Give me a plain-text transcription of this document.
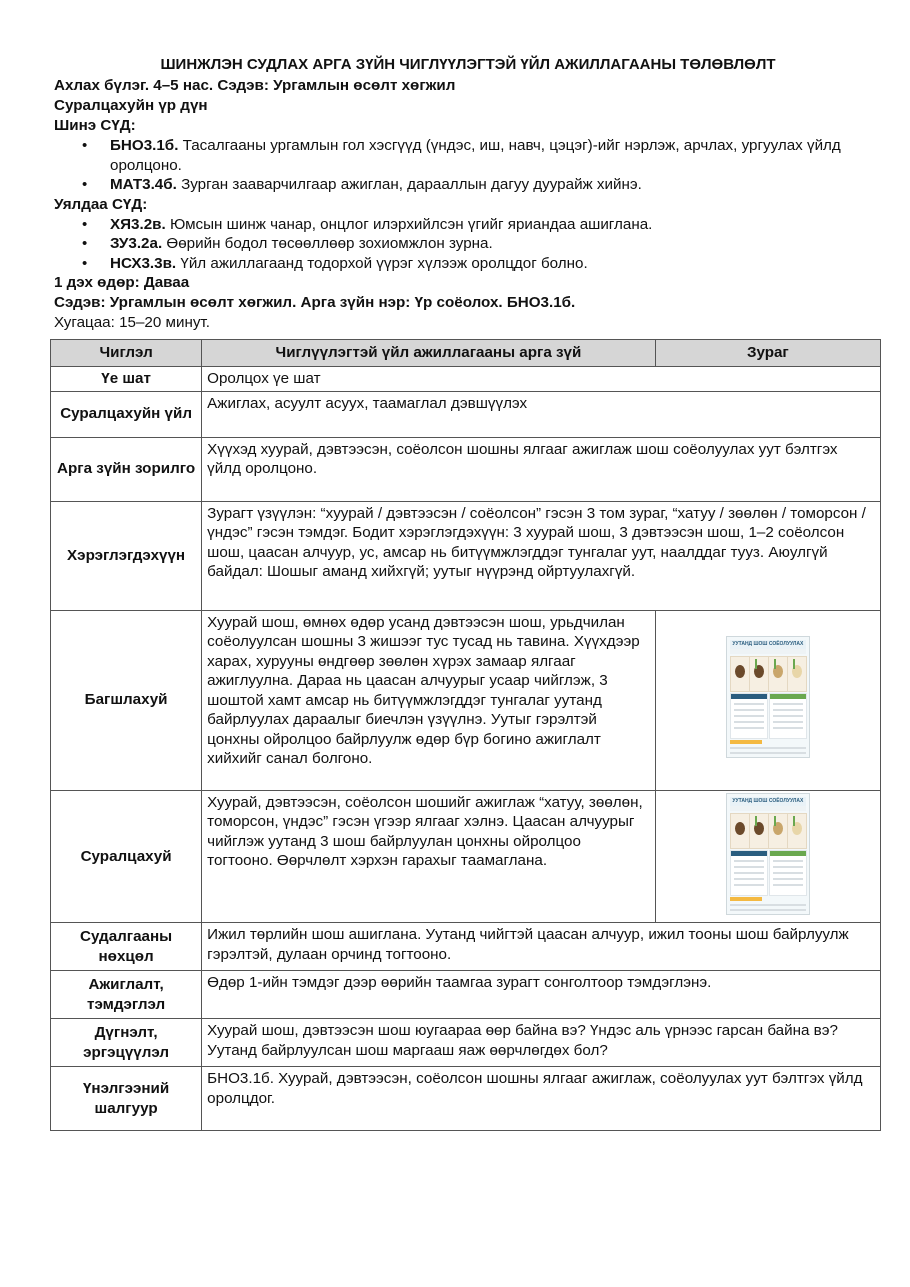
ШИНЖЛЭН СУДЛАХ АРГА ЗҮЙН ЧИГЛҮҮЛЭГТЭЙ ҮЙЛ АЖИЛЛАГААНЫ ТӨЛӨВЛӨЛТ
Ахлах бүлэг. 4–5 нас. Сэдэв: Ургамлын өсөлт хөгжил
Суралцахуйн үр дүн
Шинэ СҮД:
• БНО3.1б. Тасалгааны ургамлын гол хэсгүүд (үндэс, иш, навч, цэцэг)-ийг нэрлэж, арчлах, ургуулах үйлд оролцоно.
• МАТ3.4б. Зурган зааварчилгаар ажиглан, дарааллын дагуу дуурайж хийнэ.
Уялдаа СҮД:
• ХЯ3.2в. Юмсын шинж чанар, онцлог илэрхийлсэн үгийг яриандаа ашиглана.
• ЗУ3.2а. Өөрийн бодол төсөөллөөр зохиомжлон зурна.
• НСХ3.3в. Үйл ажиллагаанд тодорхой үүрэг хүлээж оролцдог болно.
1 дэх өдөр: Даваа
Сэдэв: Ургамлын өсөлт хөгжил. Арга зүйн нэр: Үр соёолох. БНО3.1б.
Хугацаа: 15–20 минут.
Чиглэл	Чиглүүлэгтэй үйл ажиллагааны арга зүй	Зураг
Үе шат	Оролцох үе шат	
Суралцахуйн үйл	Ажиглах, асуулт асуух, таамаглал дэвшүүлэх	
Арга зүйн зорилго	Хүүхэд хуурай, дэвтээсэн, соёолсон шошны ялгааг ажиглаж шош соёолуулах уут бэлтгэх үйлд оролцоно.	
Хэрэглэгдэхүүн	Зурагт үзүүлэн: “хуурай / дэвтээсэн / соёолсон” гэсэн 3 том зураг, “хатуу / зөөлөн / томорсон / үндэс” гэсэн тэмдэг. Бодит хэрэглэгдэхүүн: 3 хуурай шош, 3 дэвтээсэн шош, 1–2 соёолсон шош, цаасан алчуур, ус, амсар нь битүүмжлэгддэг тунгалаг уут, наалддаг тууз. Аюулгүй байдал: Шошыг аманд хийхгүй; уутыг нүүрэнд ойртуулахгүй.	
Багшлахуй	Хуурай шош, өмнөх өдөр усанд дэвтээсэн шош, урьдчилан соёолуулсан шошны 3 жишээг тус тусад нь тавина. Хүүхдээр харах, хурууны өндгөөр зөөлөн хүрэх замаар ялгааг ажиглуулна. Дараа нь цаасан алчуурыг усаар чийглэж, 3 шоштой хамт амсар нь битүүмжлэгддэг тунгалаг уутанд байрлуулах дараалыг биечлэн үзүүлнэ. Уутыг гэрэлтэй цонхны ойролцоо байрлуулж өдөр бүр богино ажиглалт хийхийг санал болгоно.	УУТАНД ШОШ СОЁОЛУУЛАХ

Суралцахуй	Хуурай, дэвтээсэн, соёолсон шошийг ажиглаж “хатуу, зөөлөн, томорсон, үндэс” гэсэн үгээр ялгааг хэлнэ. Цаасан алчуурыг чийглэж уутанд 3 шош байрлуулан цонхны ойролцоо тогтооно. Өөрчлөлт хэрхэн гарахыг таамаглана.	УУТАНД ШОШ СОЁОЛУУЛАХ

Судалгааны нөхцөл	Ижил төрлийн шош ашиглана. Уутанд чийгтэй цаасан алчуур, ижил тооны шош байрлуулж гэрэлтэй, дулаан орчинд тогтооно.	
Ажиглалт, тэмдэглэл	Өдөр 1-ийн тэмдэг дээр өөрийн таамгаа зурагт сонголтоор тэмдэглэнэ.	
Дүгнэлт, эргэцүүлэл	Хуурай шош, дэвтээсэн шош юугаараа өөр байна вэ? Үндэс аль үрнээс гарсан байна вэ? Уутанд байрлуулсан шош маргааш яаж өөрчлөгдөх бол?	
Үнэлгээний шалгуур	БНО3.1б. Хуурай, дэвтээсэн, соёолсон шошны ялгааг ажиглаж, соёолуулах уут бэлтгэх үйлд оролцдог.	
